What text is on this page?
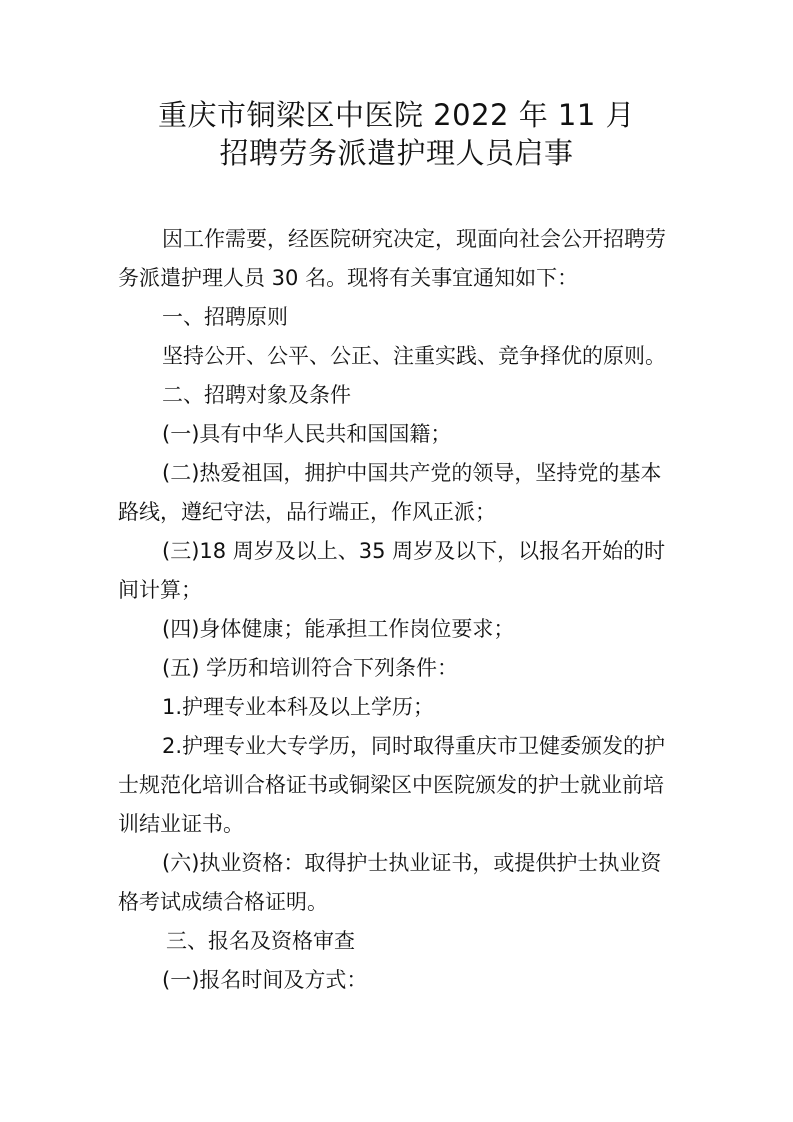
重庆市铜梁区中医院 2022 年 11 月
招聘劳务派遣护理人员启事

因工作需要，经医院研究决定，现面向社会公开招聘劳务派遣护理人员 30 名。现将有关事宜通知如下：

一、招聘原则

坚持公开、公平、公正、注重实践、竞争择优的原则。

二、招聘对象及条件

(一)具有中华人民共和国国籍；

(二)热爱祖国，拥护中国共产党的领导，坚持党的基本路线，遵纪守法，品行端正，作风正派；

(三)18 周岁及以上、35 周岁及以下，以报名开始的时间计算；

(四)身体健康；能承担工作岗位要求；

(五) 学历和培训符合下列条件：

1.护理专业本科及以上学历；

2.护理专业大专学历，同时取得重庆市卫健委颁发的护士规范化培训合格证书或铜梁区中医院颁发的护士就业前培训结业证书。

(六)执业资格：取得护士执业证书，或提供护士执业资格考试成绩合格证明。

三、报名及资格审查

(一)报名时间及方式：
